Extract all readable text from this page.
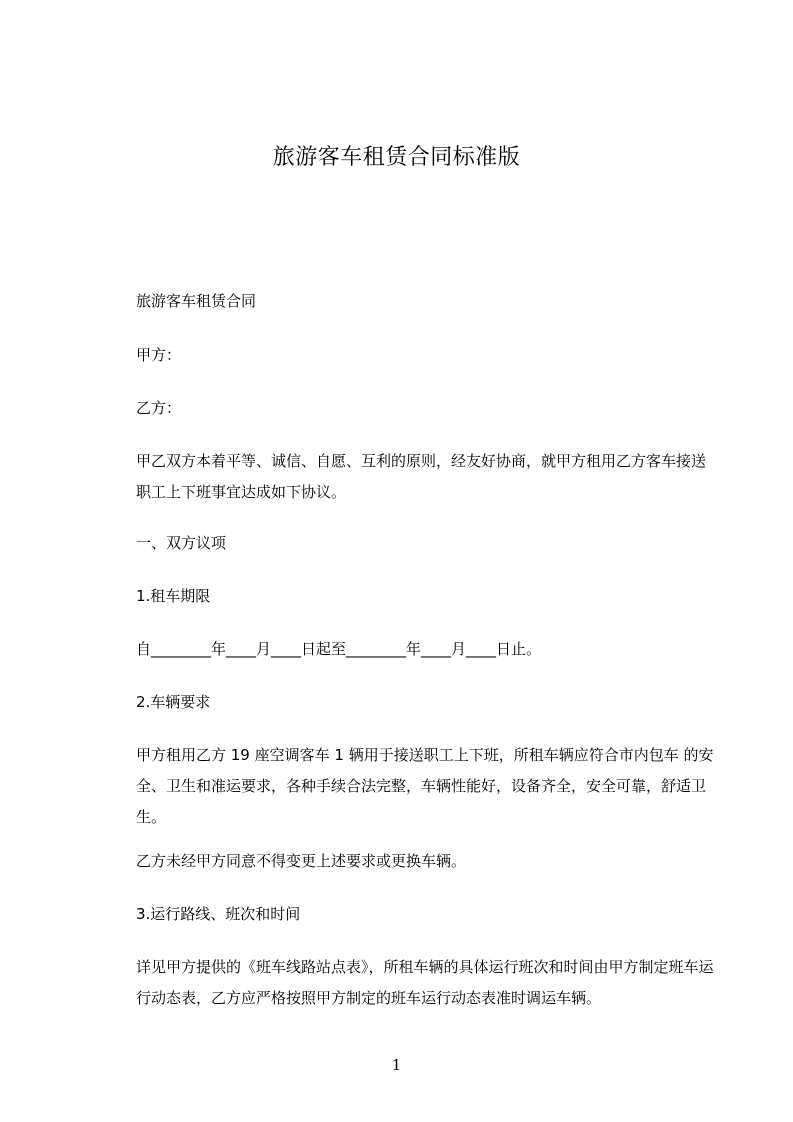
旅游客车租赁合同标准版
旅游客车租赁合同
甲方：
乙方：
甲乙双方本着平等、诚信、自愿、互利的原则，经友好协商，就甲方租用乙方客车接送职工上下班事宜达成如下协议。
一、双方议项
1.租车期限
自________年____月____日起至________年____月____日止。
2.车辆要求
甲方租用乙方 19 座空调客车 1 辆用于接送职工上下班，所租车辆应符合市内包车 的安全、卫生和准运要求，各种手续合法完整，车辆性能好，设备齐全，安全可靠，舒适卫生。
乙方未经甲方同意不得变更上述要求或更换车辆。
3.运行路线、班次和时间
详见甲方提供的《班车线路站点表》，所租车辆的具体运行班次和时间由甲方制定班车运行动态表，乙方应严格按照甲方制定的班车运行动态表准时调运车辆。
1
